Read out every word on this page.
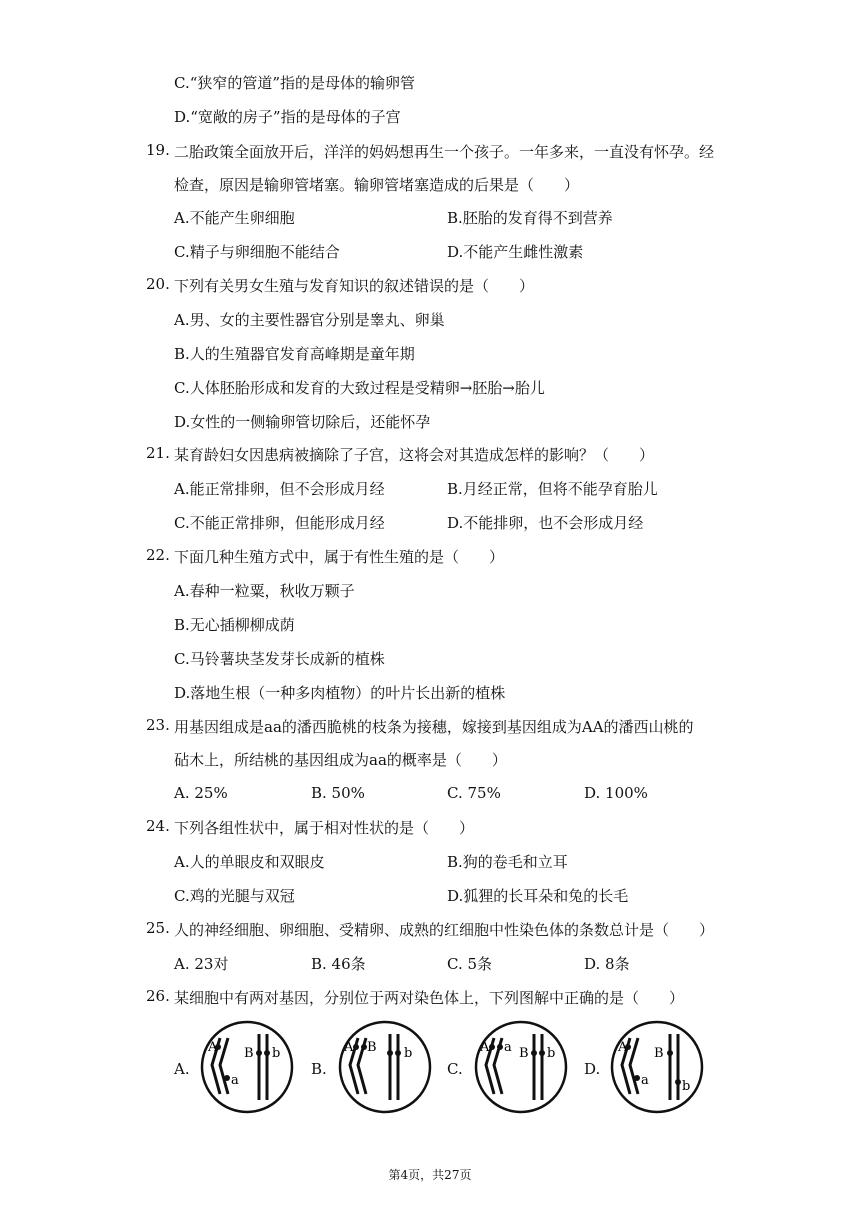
C.“狭窄的管道”指的是母体的输卵管
D.“宽敞的房子”指的是母体的子宫
19. 二胎政策全面放开后，洋洋的妈妈想再生一个孩子。一年多来，一直没有怀孕。经
检查，原因是输卵管堵塞。输卵管堵塞造成的后果是（　　）
A.不能产生卵细胞	B.胚胎的发育得不到营养
C.精子与卵细胞不能结合	D.不能产生雌性激素
20. 下列有关男女生殖与发育知识的叙述错误的是（　　）
A.男、女的主要性器官分别是睾丸、卵巢
B.人的生殖器官发育高峰期是童年期
C.人体胚胎形成和发育的大致过程是受精卵→胚胎→胎儿
D.女性的一侧输卵管切除后，还能怀孕
21. 某育龄妇女因患病被摘除了子宫，这将会对其造成怎样的影响？（　　）
A.能正常排卵，但不会形成月经	B.月经正常，但将不能孕育胎儿
C.不能正常排卵，但能形成月经	D.不能排卵，也不会形成月经
22. 下面几种生殖方式中，属于有性生殖的是（　　）
A.春种一粒粟，秋收万颗子
B.无心插柳柳成荫
C.马铃薯块茎发芽长成新的植株
D.落地生根（一种多肉植物）的叶片长出新的植株
23. 用基因组成是aa的潘西脆桃的枝条为接穗，嫁接到基因组成为AA的潘西山桃的
砧木上，所结桃的基因组成为aa的概率是（　　）
A. 25%	B. 50%	C. 75%	D. 100%
24. 下列各组性状中，属于相对性状的是（　　）
A.人的单眼皮和双眼皮	B.狗的卷毛和立耳
C.鸡的光腿与双冠	D.狐狸的长耳朵和兔的长毛
25. 人的神经细胞、卵细胞、受精卵、成熟的红细胞中性染色体的条数总计是（　　）
A. 23对	B. 46条	C. 5条	D. 8条
26. 某细胞中有两对基因，分别位于两对染色体上，下列图解中正确的是（　　）
A.	B.	C.	D.
A
a
B b	A B b	A a B b	A
a
B
b
第4页，共27页
